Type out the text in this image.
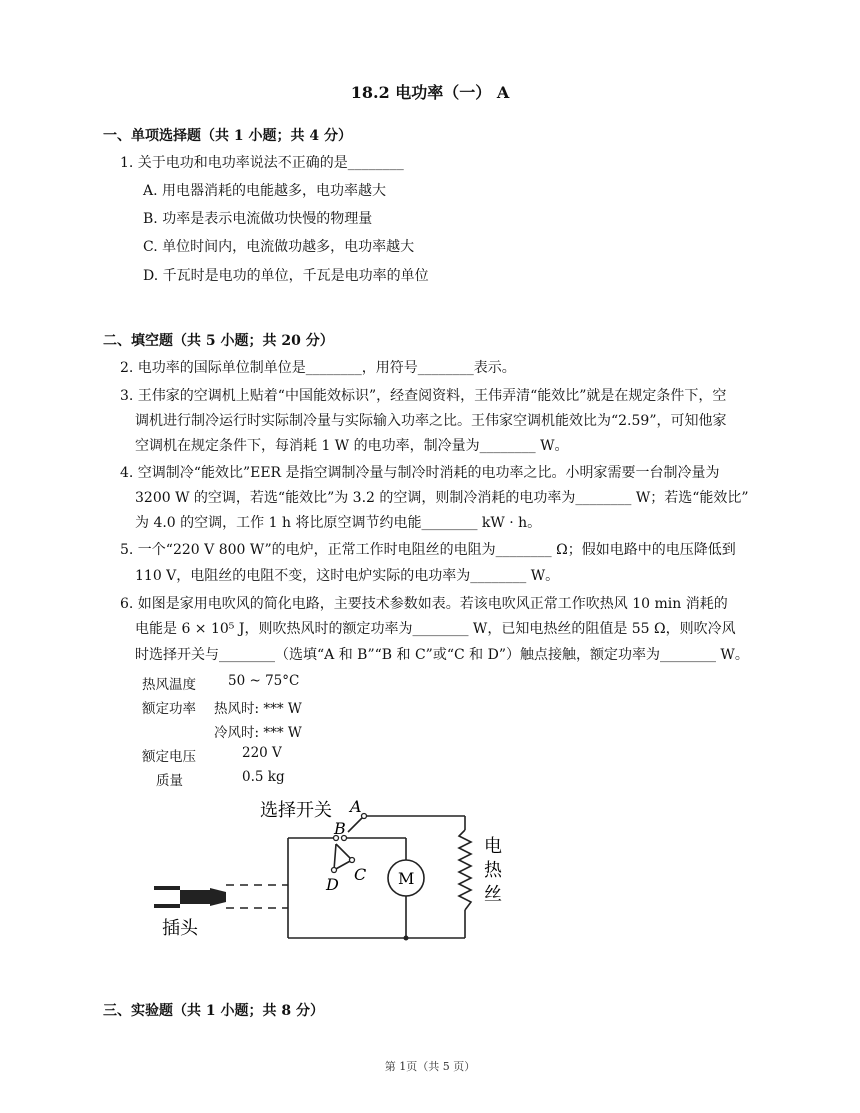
18.2 电功率（一） A
一、单项选择题（共 1 小题；共 4 分）
1. 关于电功和电功率说法不正确的是________
A. 用电器消耗的电能越多，电功率越大
B. 功率是表示电流做功快慢的物理量
C. 单位时间内，电流做功越多，电功率越大
D. 千瓦时是电功的单位，千瓦是电功率的单位
二、填空题（共 5 小题；共 20 分）
2. 电功率的国际单位制单位是________，用符号________表示。
3. 王伟家的空调机上贴着“中国能效标识”，经查阅资料，王伟弄清“能效比”就是在规定条件下，空
调机进行制冷运行时实际制冷量与实际输入功率之比。王伟家空调机能效比为“2.59”，可知他家
空调机在规定条件下，每消耗 1 W 的电功率，制冷量为________ W。
4. 空调制冷“能效比”EER 是指空调制冷量与制冷时消耗的电功率之比。小明家需要一台制冷量为
3200 W 的空调，若选“能效比”为 3.2 的空调，则制冷消耗的电功率为________ W；若选“能效比”
为 4.0 的空调，工作 1 h 将比原空调节约电能________ kW · h。
5. 一个“220 V 800 W”的电炉，正常工作时电阻丝的电阻为________ Ω；假如电路中的电压降低到
110 V，电阻丝的电阻不变，这时电炉实际的电功率为________ W。
6. 如图是家用电吹风的简化电路，主要技术参数如表。若该电吹风正常工作吹热风 10 min 消耗的
电能是 6 × 10⁵ J，则吹热风时的额定功率为________ W，已知电热丝的阻值是 55 Ω，则吹冷风
时选择开关与________（选填“A 和 B”“B 和 C”或“C 和 D”）触点接触，额定功率为________ W。
热风温度 50 ~ 75°C
额定功率 热风时: *** W
冷风时: *** W
额定电压	220 V
质量	0.5 kg
选择开关 A
B
C
D	M
插头
电
热
丝
三、实验题（共 1 小题；共 8 分）
第 1页（共 5 页）
